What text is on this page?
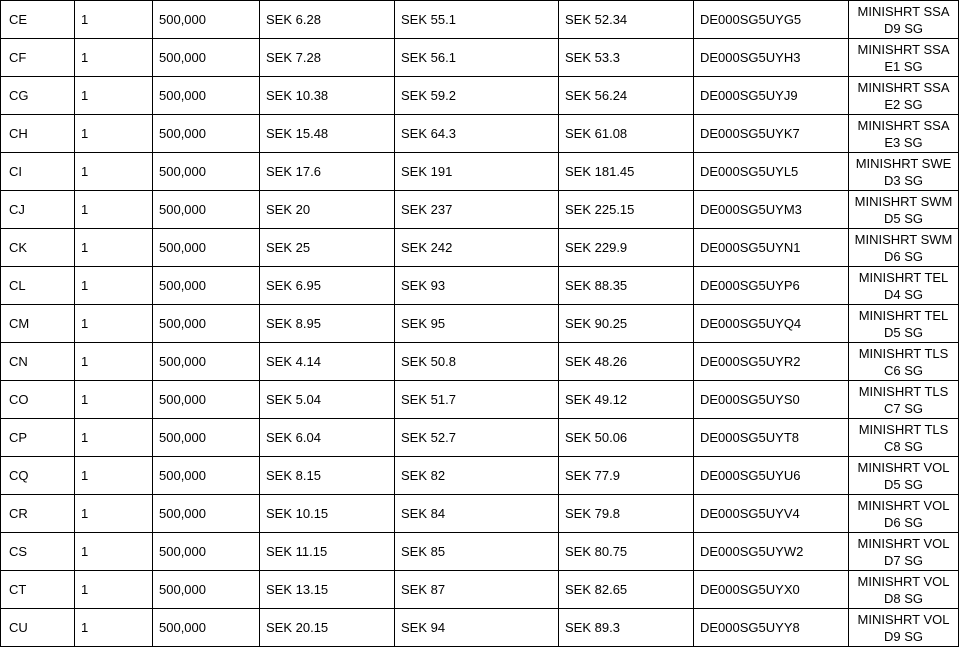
CE	1	500,000	SEK 6.28	SEK 55.1	SEK 52.34	DE000SG5UYG5	MINISHRT SSA D9 SG
CF	1	500,000	SEK 7.28	SEK 56.1	SEK 53.3	DE000SG5UYH3	MINISHRT SSA E1 SG
CG	1	500,000	SEK 10.38	SEK 59.2	SEK 56.24	DE000SG5UYJ9	MINISHRT SSA E2 SG
CH	1	500,000	SEK 15.48	SEK 64.3	SEK 61.08	DE000SG5UYK7	MINISHRT SSA E3 SG
CI	1	500,000	SEK 17.6	SEK 191	SEK 181.45	DE000SG5UYL5	MINISHRT SWE D3 SG
CJ	1	500,000	SEK 20	SEK 237	SEK 225.15	DE000SG5UYM3	MINISHRT SWM D5 SG
CK	1	500,000	SEK 25	SEK 242	SEK 229.9	DE000SG5UYN1	MINISHRT SWM D6 SG
CL	1	500,000	SEK 6.95	SEK 93	SEK 88.35	DE000SG5UYP6	MINISHRT TEL D4 SG
CM	1	500,000	SEK 8.95	SEK 95	SEK 90.25	DE000SG5UYQ4	MINISHRT TEL D5 SG
CN	1	500,000	SEK 4.14	SEK 50.8	SEK 48.26	DE000SG5UYR2	MINISHRT TLS C6 SG
CO	1	500,000	SEK 5.04	SEK 51.7	SEK 49.12	DE000SG5UYS0	MINISHRT TLS C7 SG
CP	1	500,000	SEK 6.04	SEK 52.7	SEK 50.06	DE000SG5UYT8	MINISHRT TLS C8 SG
CQ	1	500,000	SEK 8.15	SEK 82	SEK 77.9	DE000SG5UYU6	MINISHRT VOL D5 SG
CR	1	500,000	SEK 10.15	SEK 84	SEK 79.8	DE000SG5UYV4	MINISHRT VOL D6 SG
CS	1	500,000	SEK 11.15	SEK 85	SEK 80.75	DE000SG5UYW2	MINISHRT VOL D7 SG
CT	1	500,000	SEK 13.15	SEK 87	SEK 82.65	DE000SG5UYX0	MINISHRT VOL D8 SG
CU	1	500,000	SEK 20.15	SEK 94	SEK 89.3	DE000SG5UYY8	MINISHRT VOL D9 SG
